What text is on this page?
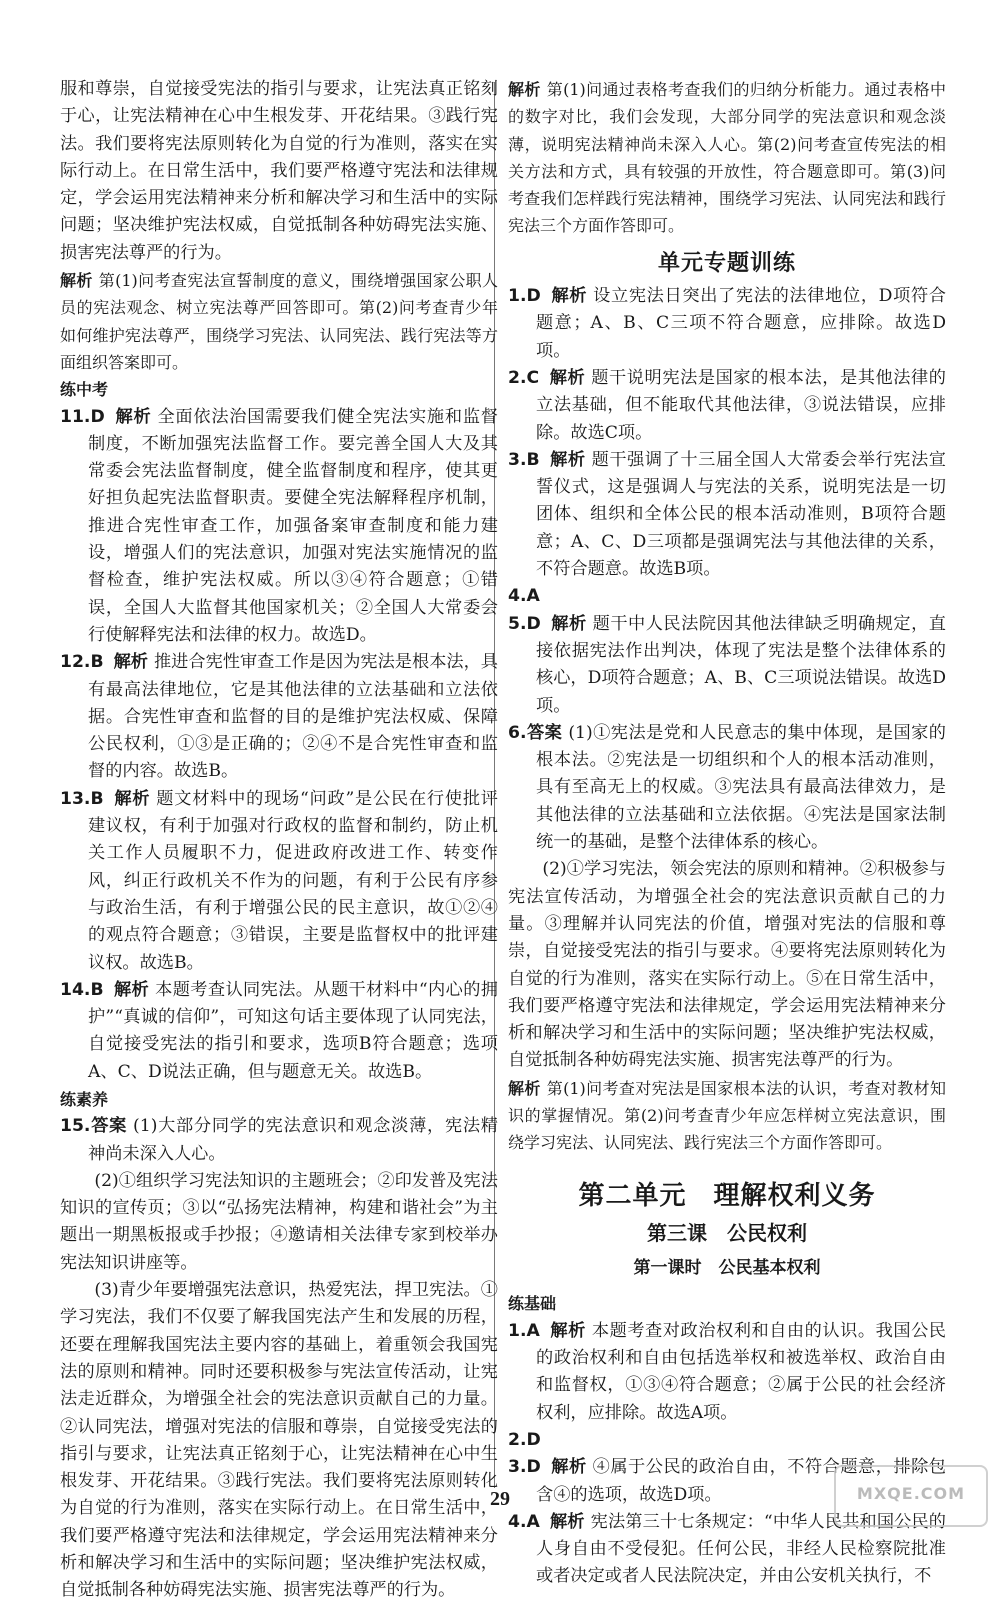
服和尊崇，自觉接受宪法的指引与要求，让宪法真正铭刻于心，让宪法精神在心中生根发芽、开花结果。③践行宪法。我们要将宪法原则转化为自觉的行为准则，落实在实际行动上。在日常生活中，我们要严格遵守宪法和法律规定，学会运用宪法精神来分析和解决学习和生活中的实际问题；坚决维护宪法权威，自觉抵制各种妨碍宪法实施、损害宪法尊严的行为。

解析 第(1)问考查宪法宣誓制度的意义，围绕增强国家公职人员的宪法观念、树立宪法尊严回答即可。第(2)问考查青少年如何维护宪法尊严，围绕学习宪法、认同宪法、践行宪法等方面组织答案即可。

练中考

11.D 解析 全面依法治国需要我们健全宪法实施和监督制度，不断加强宪法监督工作。要完善全国人大及其常委会宪法监督制度，健全监督制度和程序，使其更好担负起宪法监督职责。要健全宪法解释程序机制，推进合宪性审查工作，加强备案审查制度和能力建设，增强人们的宪法意识，加强对宪法实施情况的监督检查，维护宪法权威。所以③④符合题意；①错误，全国人大监督其他国家机关；②全国人大常委会行使解释宪法和法律的权力。故选D。

12.B 解析 推进合宪性审查工作是因为宪法是根本法，具有最高法律地位，它是其他法律的立法基础和立法依据。合宪性审查和监督的目的是维护宪法权威、保障公民权利，①③是正确的；②④不是合宪性审查和监督的内容。故选B。

13.B 解析 题文材料中的现场“问政”是公民在行使批评建议权，有利于加强对行政权的监督和制约，防止机关工作人员履职不力，促进政府改进工作、转变作风，纠正行政机关不作为的问题，有利于公民有序参与政治生活，有利于增强公民的民主意识，故①②④的观点符合题意；③错误，主要是监督权中的批评建议权。故选B。

14.B 解析 本题考查认同宪法。从题干材料中“内心的拥护”“真诚的信仰”，可知这句话主要体现了认同宪法，自觉接受宪法的指引和要求，选项B符合题意；选项A、C、D说法正确，但与题意无关。故选B。

练素养

15.答案 (1)大部分同学的宪法意识和观念淡薄，宪法精神尚未深入人心。

(2)①组织学习宪法知识的主题班会；②印发普及宪法知识的宣传页；③以“弘扬宪法精神，构建和谐社会”为主题出一期黑板报或手抄报；④邀请相关法律专家到校举办宪法知识讲座等。

(3)青少年要增强宪法意识，热爱宪法，捍卫宪法。①学习宪法，我们不仅要了解我国宪法产生和发展的历程，还要在理解我国宪法主要内容的基础上，着重领会我国宪法的原则和精神。同时还要积极参与宪法宣传活动，让宪法走近群众，为增强全社会的宪法意识贡献自己的力量。②认同宪法，增强对宪法的信服和尊崇，自觉接受宪法的指引与要求，让宪法真正铭刻于心，让宪法精神在心中生根发芽、开花结果。③践行宪法。我们要将宪法原则转化为自觉的行为准则，落实在实际行动上。在日常生活中，我们要严格遵守宪法和法律规定，学会运用宪法精神来分析和解决学习和生活中的实际问题；坚决维护宪法权威，自觉抵制各种妨碍宪法实施、损害宪法尊严的行为。

解析 第(1)问通过表格考查我们的归纳分析能力。通过表格中的数字对比，我们会发现，大部分同学的宪法意识和观念淡薄，说明宪法精神尚未深入人心。第(2)问考查宣传宪法的相关方法和方式，具有较强的开放性，符合题意即可。第(3)问考查我们怎样践行宪法精神，围绕学习宪法、认同宪法和践行宪法三个方面作答即可。

单元专题训练

1.D 解析 设立宪法日突出了宪法的法律地位，D项符合题意；A、B、C三项不符合题意，应排除。故选D项。

2.C 解析 题干说明宪法是国家的根本法，是其他法律的立法基础，但不能取代其他法律，③说法错误，应排除。故选C项。

3.B 解析 题干强调了十三届全国人大常委会举行宪法宣誓仪式，这是强调人与宪法的关系，说明宪法是一切团体、组织和全体公民的根本活动准则，B项符合题意；A、C、D三项都是强调宪法与其他法律的关系，不符合题意。故选B项。

4.A

5.D 解析 题干中人民法院因其他法律缺乏明确规定，直接依据宪法作出判决，体现了宪法是整个法律体系的核心，D项符合题意；A、B、C三项说法错误。故选D项。

6.答案 (1)①宪法是党和人民意志的集中体现，是国家的根本法。②宪法是一切组织和个人的根本活动准则，具有至高无上的权威。③宪法具有最高法律效力，是其他法律的立法基础和立法依据。④宪法是国家法制统一的基础，是整个法律体系的核心。

(2)①学习宪法，领会宪法的原则和精神。②积极参与宪法宣传活动，为增强全社会的宪法意识贡献自己的力量。③理解并认同宪法的价值，增强对宪法的信服和尊崇，自觉接受宪法的指引与要求。④要将宪法原则转化为自觉的行为准则，落实在实际行动上。⑤在日常生活中，我们要严格遵守宪法和法律规定，学会运用宪法精神来分析和解决学习和生活中的实际问题；坚决维护宪法权威，自觉抵制各种妨碍宪法实施、损害宪法尊严的行为。

解析 第(1)问考查对宪法是国家根本法的认识，考查对教材知识的掌握情况。第(2)问考查青少年应怎样树立宪法意识，围绕学习宪法、认同宪法、践行宪法三个方面作答即可。

第二单元　理解权利义务

第三课　公民权利

第一课时　公民基本权利

练基础

1.A 解析 本题考查对政治权利和自由的认识。我国公民的政治权利和自由包括选举权和被选举权、政治自由和监督权，①③④符合题意；②属于公民的社会经济权利，应排除。故选A项。

2.D

3.D 解析 ④属于公民的政治自由，不符合题意，排除包含④的选项，故选D项。

4.A 解析 宪法第三十七条规定：“中华人民共和国公民的人身自由不受侵犯。任何公民，非经人民检察院批准或者决定或者人民法院决定，并由公安机关执行，不

29	MXQE.COM
